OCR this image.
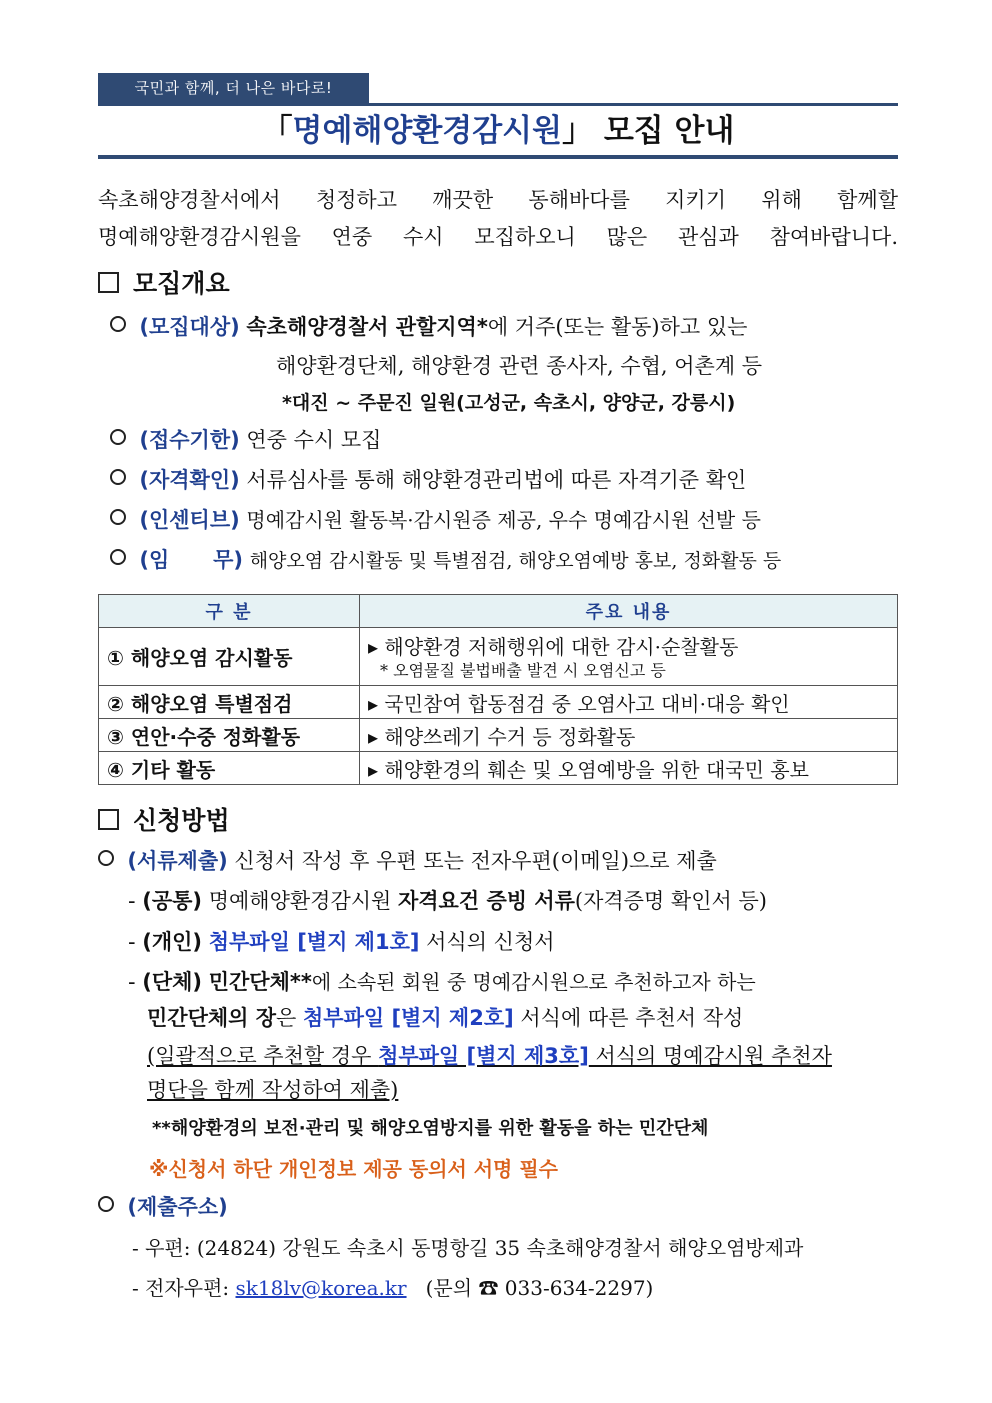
국민과 함께, 더 나은 바다로!
「명예해양환경감시원」 모집 안내
속초해양경찰서에서 청정하고 깨끗한 동해바다를 지키기 위해 함께할
명예해양환경감시원을 연중 수시 모집하오니 많은 관심과 참여바랍니다.
모집개요
(모집대상) 속초해양경찰서 관할지역*에 거주(또는 활동)하고 있는
해양환경단체, 해양환경 관련 종사자, 수협, 어촌계 등
*대진 ~ 주문진 일원(고성군, 속초시, 양양군, 강릉시)
(접수기한) 연중 수시 모집
(자격확인) 서류심사를 통해 해양환경관리법에 따른 자격기준 확인
(인센티브) 명예감시원 활동복·감시원증 제공, 우수 명예감시원 선발 등
(임      무) 해양오염 감시활동 및 특별점검, 해양오염예방 홍보, 정화활동 등
구 분	주요 내용
① 해양오염 감시활동	▸ 해양환경 저해행위에 대한 감시·순찰활동
* 오염물질 불법배출 발견 시 오염신고 등

② 해양오염 특별점검	▸ 국민참여 합동점검 중 오염사고 대비·대응 확인
③ 연안·수중 정화활동	▸ 해양쓰레기 수거 등 정화활동
④ 기타 활동	▸ 해양환경의 훼손 및 오염예방을 위한 대국민 홍보
신청방법
(서류제출) 신청서 작성 후 우편 또는 전자우편(이메일)으로 제출
- (공통) 명예해양환경감시원 자격요건 증빙 서류(자격증명 확인서 등)
- (개인) 첨부파일 [별지 제1호] 서식의 신청서
- (단체) 민간단체**에 소속된 회원 중 명예감시원으로 추천하고자 하는
민간단체의 장은 첨부파일 [별지 제2호] 서식에 따른 추천서 작성
(일괄적으로 추천할 경우 첨부파일 [별지 제3호] 서식의 명예감시원 추천자
명단을 함께 작성하여 제출)
**해양환경의 보전·관리 및 해양오염방지를 위한 활동을 하는 민간단체
※신청서 하단 개인정보 제공 동의서 서명 필수
(제출주소)
- 우편: (24824) 강원도 속초시 동명항길 35 속초해양경찰서 해양오염방제과
- 전자우편: sk18lv@korea.kr (문의 ☎ 033-634-2297)
